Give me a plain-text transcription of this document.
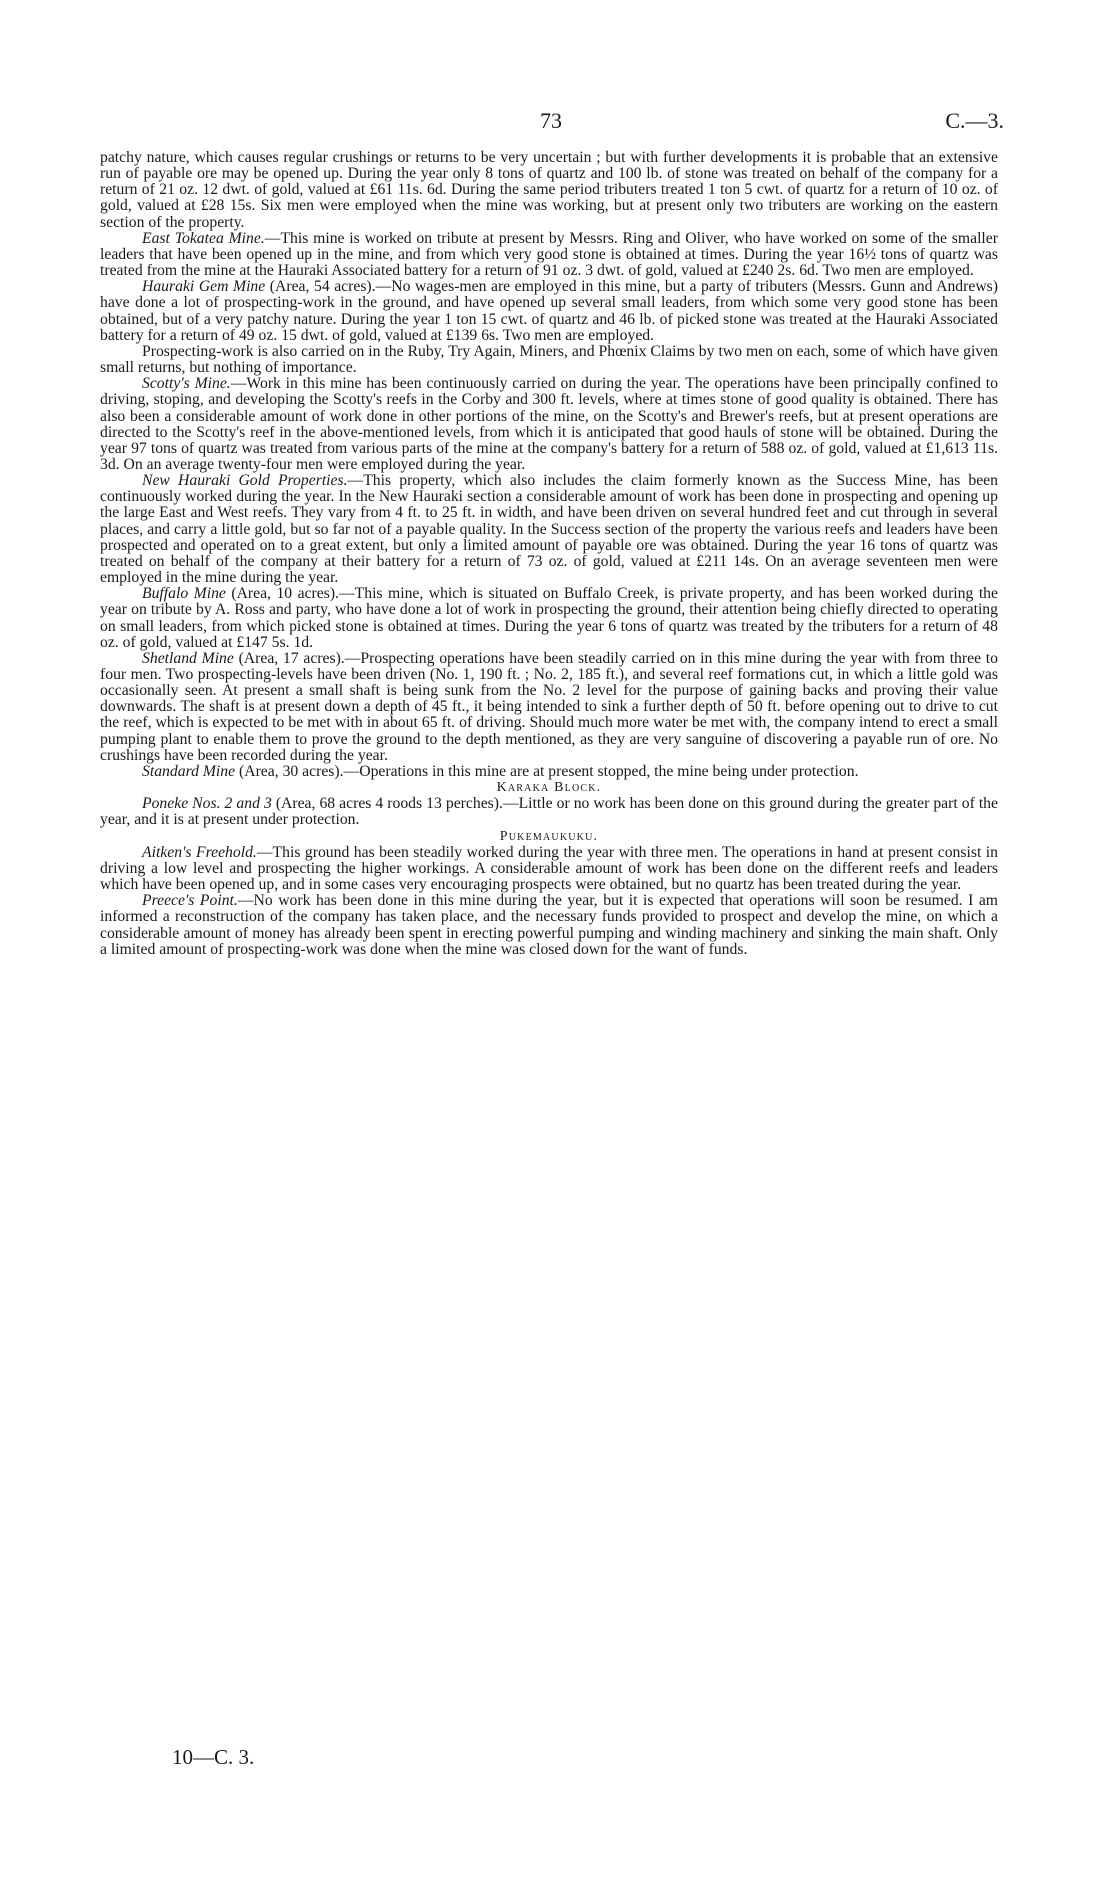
73	C.—3.

patchy nature, which causes regular crushings or returns to be very uncertain ; but with further developments it is probable that an extensive run of payable ore may be opened up. During the year only 8 tons of quartz and 100 lb. of stone was treated on behalf of the company for a return of 21 oz. 12 dwt. of gold, valued at £61 11s. 6d. During the same period tributers treated 1 ton 5 cwt. of quartz for a return of 10 oz. of gold, valued at £28 15s. Six men were employed when the mine was working, but at present only two tributers are working on the eastern section of the property.

East Tokatea Mine.—This mine is worked on tribute at present by Messrs. Ring and Oliver, who have worked on some of the smaller leaders that have been opened up in the mine, and from which very good stone is obtained at times. During the year 16½ tons of quartz was treated from the mine at the Hauraki Associated battery for a return of 91 oz. 3 dwt. of gold, valued at £240 2s. 6d. Two men are employed.

Hauraki Gem Mine (Area, 54 acres).—No wages-men are employed in this mine, but a party of tributers (Messrs. Gunn and Andrews) have done a lot of prospecting-work in the ground, and have opened up several small leaders, from which some very good stone has been obtained, but of a very patchy nature. During the year 1 ton 15 cwt. of quartz and 46 lb. of picked stone was treated at the Hauraki Associated battery for a return of 49 oz. 15 dwt. of gold, valued at £139 6s. Two men are employed.

Prospecting-work is also carried on in the Ruby, Try Again, Miners, and Phœnix Claims by two men on each, some of which have given small returns, but nothing of importance.

Scotty's Mine.—Work in this mine has been continuously carried on during the year. The operations have been principally confined to driving, stoping, and developing the Scotty's reefs in the Corby and 300 ft. levels, where at times stone of good quality is obtained. There has also been a considerable amount of work done in other portions of the mine, on the Scotty's and Brewer's reefs, but at present operations are directed to the Scotty's reef in the above-mentioned levels, from which it is anticipated that good hauls of stone will be obtained. During the year 97 tons of quartz was treated from various parts of the mine at the company's battery for a return of 588 oz. of gold, valued at £1,613 11s. 3d. On an average twenty-four men were employed during the year.

New Hauraki Gold Properties.—This property, which also includes the claim formerly known as the Success Mine, has been continuously worked during the year. In the New Hauraki section a considerable amount of work has been done in prospecting and opening up the large East and West reefs. They vary from 4 ft. to 25 ft. in width, and have been driven on several hundred feet and cut through in several places, and carry a little gold, but so far not of a payable quality. In the Success section of the property the various reefs and leaders have been prospected and operated on to a great extent, but only a limited amount of payable ore was obtained. During the year 16 tons of quartz was treated on behalf of the company at their battery for a return of 73 oz. of gold, valued at £211 14s. On an average seventeen men were employed in the mine during the year.

Buffalo Mine (Area, 10 acres).—This mine, which is situated on Buffalo Creek, is private property, and has been worked during the year on tribute by A. Ross and party, who have done a lot of work in prospecting the ground, their attention being chiefly directed to operating on small leaders, from which picked stone is obtained at times. During the year 6 tons of quartz was treated by the tributers for a return of 48 oz. of gold, valued at £147 5s. 1d.

Shetland Mine (Area, 17 acres).—Prospecting operations have been steadily carried on in this mine during the year with from three to four men. Two prospecting-levels have been driven (No. 1, 190 ft. ; No. 2, 185 ft.), and several reef formations cut, in which a little gold was occasionally seen. At present a small shaft is being sunk from the No. 2 level for the purpose of gaining backs and proving their value downwards. The shaft is at present down a depth of 45 ft., it being intended to sink a further depth of 50 ft. before opening out to drive to cut the reef, which is expected to be met with in about 65 ft. of driving. Should much more water be met with, the company intend to erect a small pumping plant to enable them to prove the ground to the depth mentioned, as they are very sanguine of discovering a payable run of ore. No crushings have been recorded during the year.

Standard Mine (Area, 30 acres).—Operations in this mine are at present stopped, the mine being under protection.

Karaka Block.

Poneke Nos. 2 and 3 (Area, 68 acres 4 roods 13 perches).—Little or no work has been done on this ground during the greater part of the year, and it is at present under protection.

Pukemaukuku.

Aitken's Freehold.—This ground has been steadily worked during the year with three men. The operations in hand at present consist in driving a low level and prospecting the higher workings. A considerable amount of work has been done on the different reefs and leaders which have been opened up, and in some cases very encouraging prospects were obtained, but no quartz has been treated during the year.

Preece's Point.—No work has been done in this mine during the year, but it is expected that operations will soon be resumed. I am informed a reconstruction of the company has taken place, and the necessary funds provided to prospect and develop the mine, on which a considerable amount of money has already been spent in erecting powerful pumping and winding machinery and sinking the main shaft. Only a limited amount of prospecting-work was done when the mine was closed down for the want of funds.

10—C. 3.
